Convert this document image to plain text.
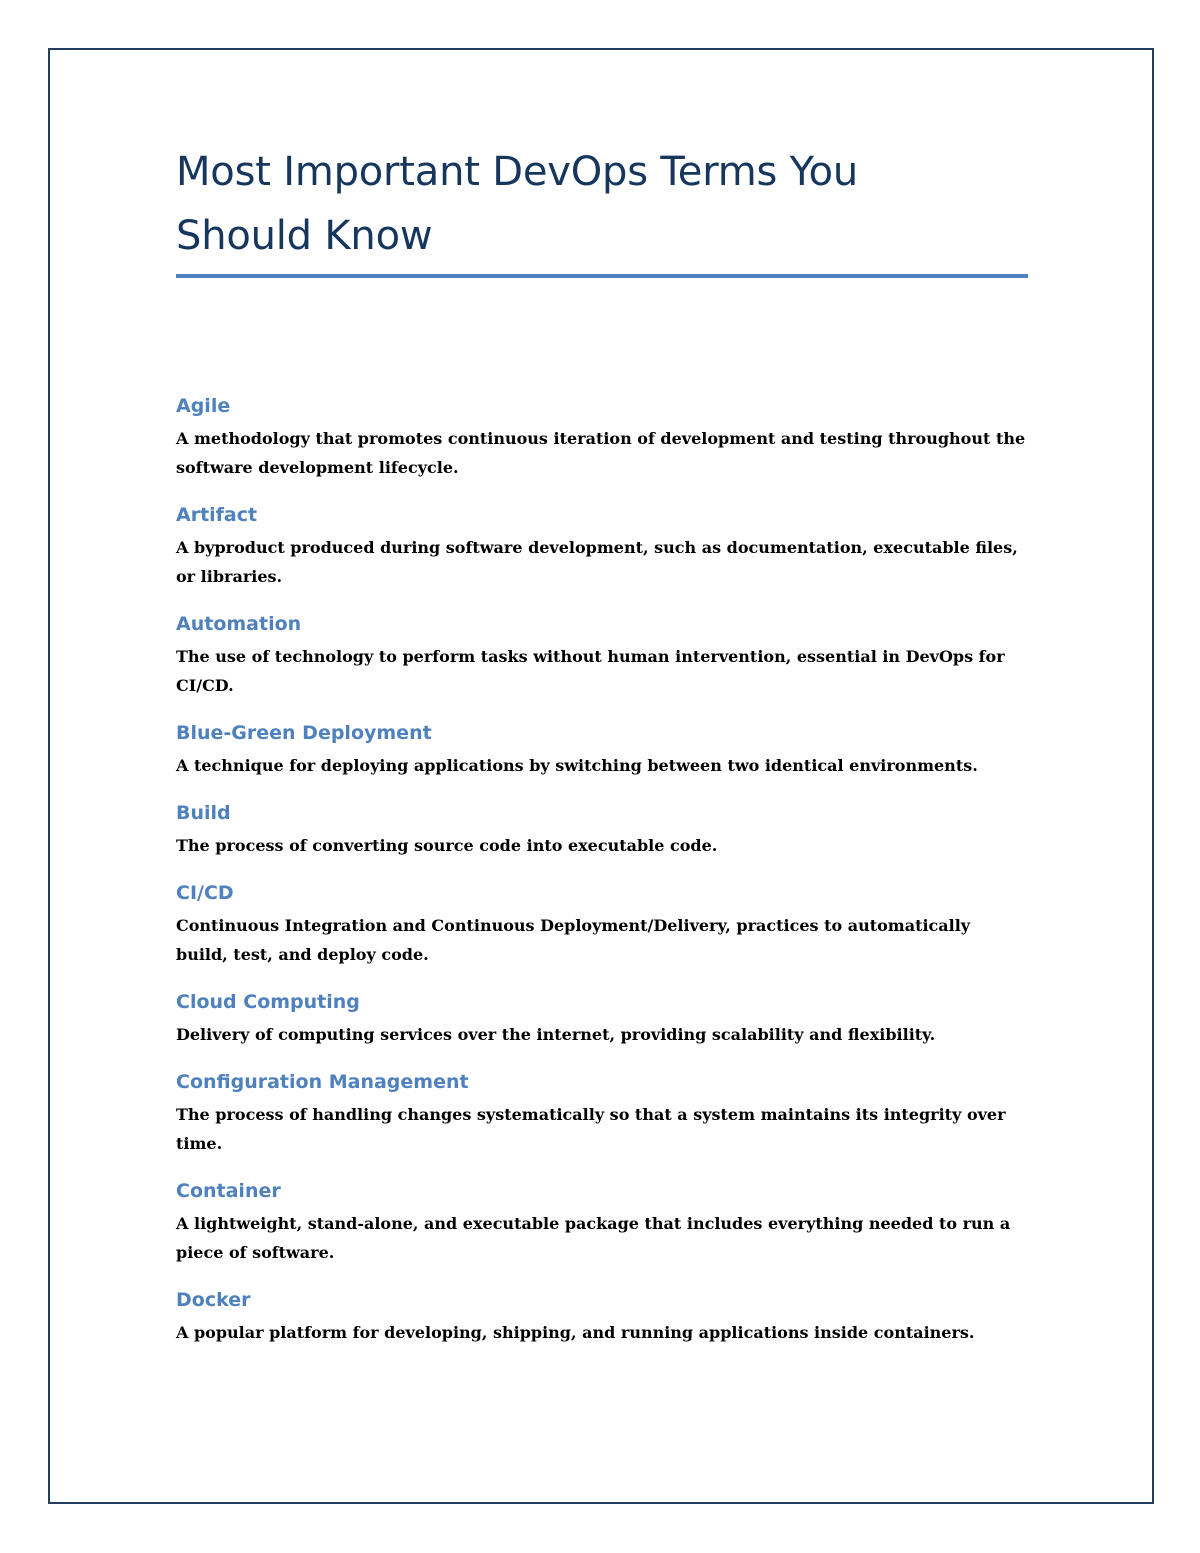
Most Important DevOps Terms You
Should Know
Agile

A methodology that promotes continuous iteration of development and testing throughout the software development lifecycle.

Artifact

A byproduct produced during software development, such as documentation, executable files, or libraries.

Automation

The use of technology to perform tasks without human intervention, essential in DevOps for CI/CD.

Blue-Green Deployment

A technique for deploying applications by switching between two identical environments.

Build

The process of converting source code into executable code.

CI/CD

Continuous Integration and Continuous Deployment/Delivery, practices to automatically build, test, and deploy code.

Cloud Computing

Delivery of computing services over the internet, providing scalability and flexibility.

Configuration Management

The process of handling changes systematically so that a system maintains its integrity over time.

Container

A lightweight, stand-alone, and executable package that includes everything needed to run a piece of software.

Docker

A popular platform for developing, shipping, and running applications inside containers.
